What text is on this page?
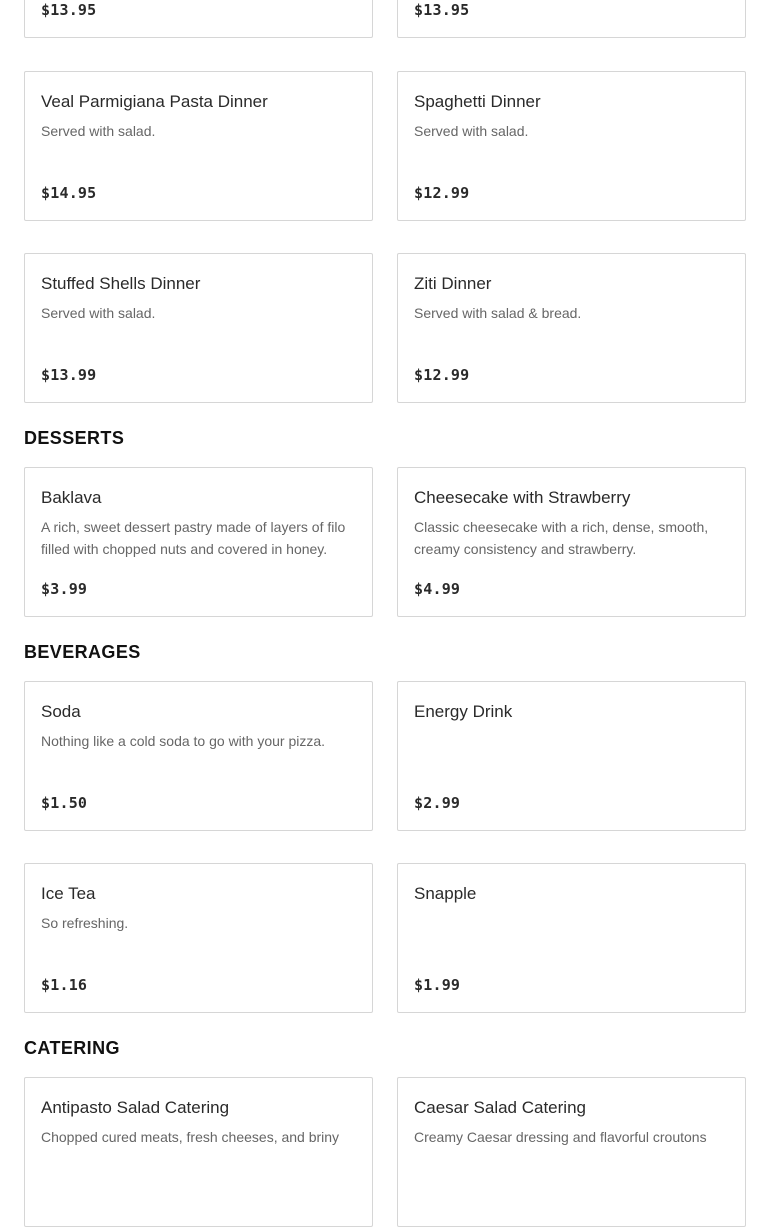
$13.95	$13.95
Veal Parmigiana Pasta Dinner
Served with salad.
$14.95
Spaghetti Dinner
Served with salad.
$12.99
Stuffed Shells Dinner
Served with salad.
$13.99
Ziti Dinner
Served with salad & bread.
$12.99
DESSERTS
Baklava
A rich, sweet dessert pastry made of layers of filo filled with chopped nuts and covered in honey.
$3.99
Cheesecake with Strawberry
Classic cheesecake with a rich, dense, smooth, creamy consistency and strawberry.
$4.99
BEVERAGES
Soda
Nothing like a cold soda to go with your pizza.
$1.50
Energy Drink
$2.99
Ice Tea
So refreshing.
$1.16
Snapple
$1.99
CATERING
Antipasto Salad Catering
Chopped cured meats, fresh cheeses, and briny
Caesar Salad Catering
Creamy Caesar dressing and flavorful croutons
